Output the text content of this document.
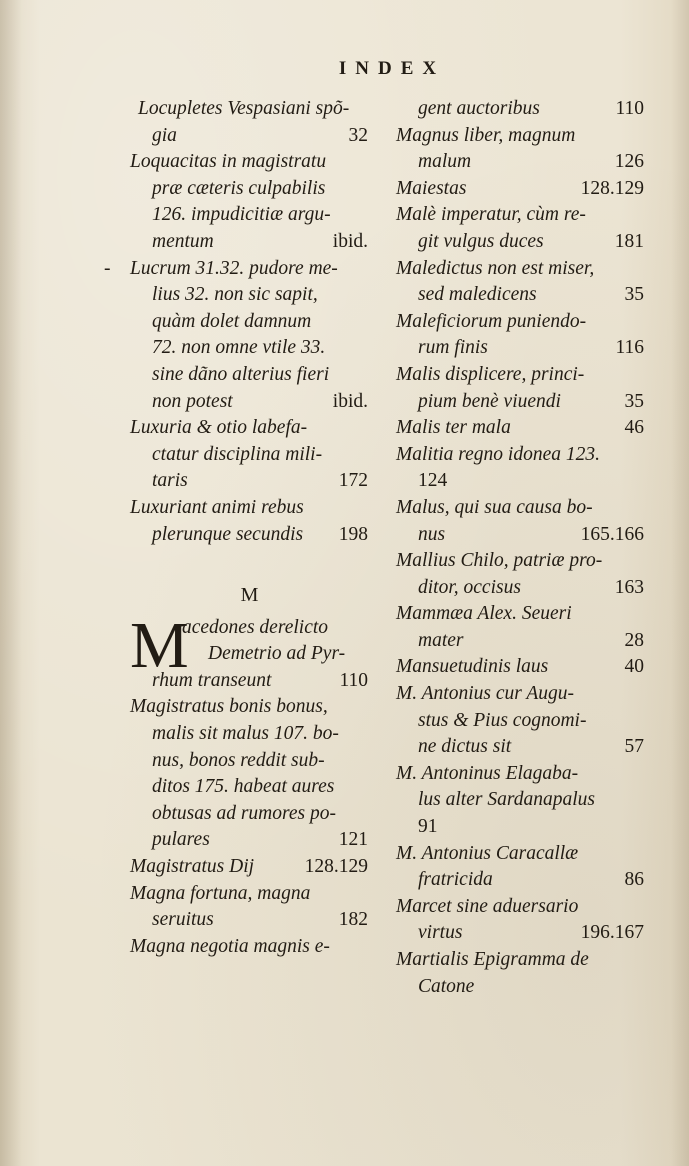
INDEX
Locupletes Vespasiani spõ-
gia	32
Loquacitas in magistratu
præ cæteris culpabilis
126. impudicitiæ argu-
mentum	ibid.
- Lucrum 31.32. pudore me-
lius 32. non sic sapit,
quàm dolet damnum
72. non omne vtile 33.
sine dãno alterius fieri
non potest	ibid.
Luxuria & otio labefa-
ctatur disciplina mili-
taris	172
Luxuriant animi rebus
plerunque secundis 198
M
M
acedones derelicto
Demetrio ad Pyr-
rhum transeunt	110
Magistratus bonis bonus,
malis sit malus 107. bo-
nus, bonos reddit sub-
ditos 175. habeat aures
obtusas ad rumores po-
pulares	121
Magistratus Dij	128.129
Magna fortuna, magna
seruitus	182
Magna negotia magnis e-
gent auctoribus	110
Magnus liber, magnum
malum	126
Maiestas	128.129
Malè imperatur, cùm re-
git vulgus duces	181
Maledictus non est miser,
sed maledicens	35
Maleficiorum puniendo-
rum finis	116
Malis displicere, princi-
pium benè viuendi	35
Malis ter mala	46
Malitia regno idonea 123.
124
Malus, qui sua causa bo-
nus	165.166
Mallius Chilo, patriæ pro-
ditor, occisus	163
Mammæa Alex. Seueri
mater	28
Mansuetudinis laus	40
M. Antonius cur Augu-
stus & Pius cognomi-
ne dictus sit	57
M. Antoninus Elagaba-
lus alter Sardanapalus
91
M. Antonius Caracallæ
fratricida	86
Marcet sine aduersario
virtus	196.167
Martialis Epigramma de
Catone
